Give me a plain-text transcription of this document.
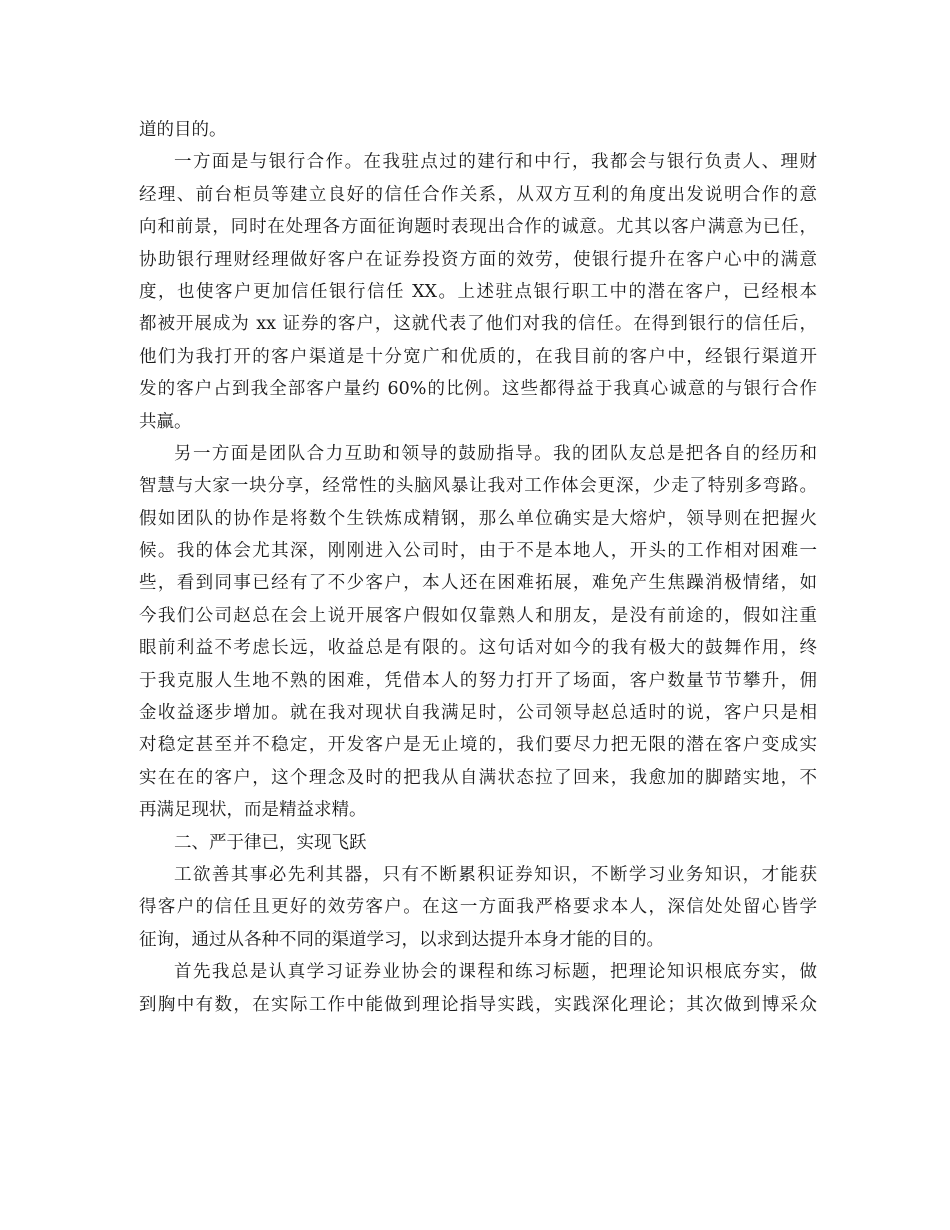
道的目的。
一方面是与银行合作。在我驻点过的建行和中行，我都会与银行负责人、理财
经理、前台柜员等建立良好的信任合作关系，从双方互利的角度出发说明合作的意
向和前景，同时在处理各方面征询题时表现出合作的诚意。尤其以客户满意为已任，
协助银行理财经理做好客户在证券投资方面的效劳，使银行提升在客户心中的满意
度，也使客户更加信任银行信任 XX。上述驻点银行职工中的潜在客户，已经根本
都被开展成为 xx 证券的客户，这就代表了他们对我的信任。在得到银行的信任后，
他们为我打开的客户渠道是十分宽广和优质的，在我目前的客户中，经银行渠道开
发的客户占到我全部客户量约 60%的比例。这些都得益于我真心诚意的与银行合作
共赢。
另一方面是团队合力互助和领导的鼓励指导。我的团队友总是把各自的经历和
智慧与大家一块分享，经常性的头脑风暴让我对工作体会更深，少走了特别多弯路。
假如团队的协作是将数个生铁炼成精钢，那么单位确实是大熔炉，领导则在把握火
候。我的体会尤其深，刚刚进入公司时，由于不是本地人，开头的工作相对困难一
些，看到同事已经有了不少客户，本人还在困难拓展，难免产生焦躁消极情绪，如
今我们公司赵总在会上说开展客户假如仅靠熟人和朋友，是没有前途的，假如注重
眼前利益不考虑长远，收益总是有限的。这句话对如今的我有极大的鼓舞作用，终
于我克服人生地不熟的困难，凭借本人的努力打开了场面，客户数量节节攀升，佣
金收益逐步增加。就在我对现状自我满足时，公司领导赵总适时的说，客户只是相
对稳定甚至并不稳定，开发客户是无止境的，我们要尽力把无限的潜在客户变成实
实在在的客户，这个理念及时的把我从自满状态拉了回来，我愈加的脚踏实地，不
再满足现状，而是精益求精。
二、严于律已，实现飞跃
工欲善其事必先利其器，只有不断累积证券知识，不断学习业务知识，才能获
得客户的信任且更好的效劳客户。在这一方面我严格要求本人，深信处处留心皆学
征询，通过从各种不同的渠道学习，以求到达提升本身才能的目的。
首先我总是认真学习证券业协会的课程和练习标题，把理论知识根底夯实，做
到胸中有数，在实际工作中能做到理论指导实践，实践深化理论；其次做到博采众
